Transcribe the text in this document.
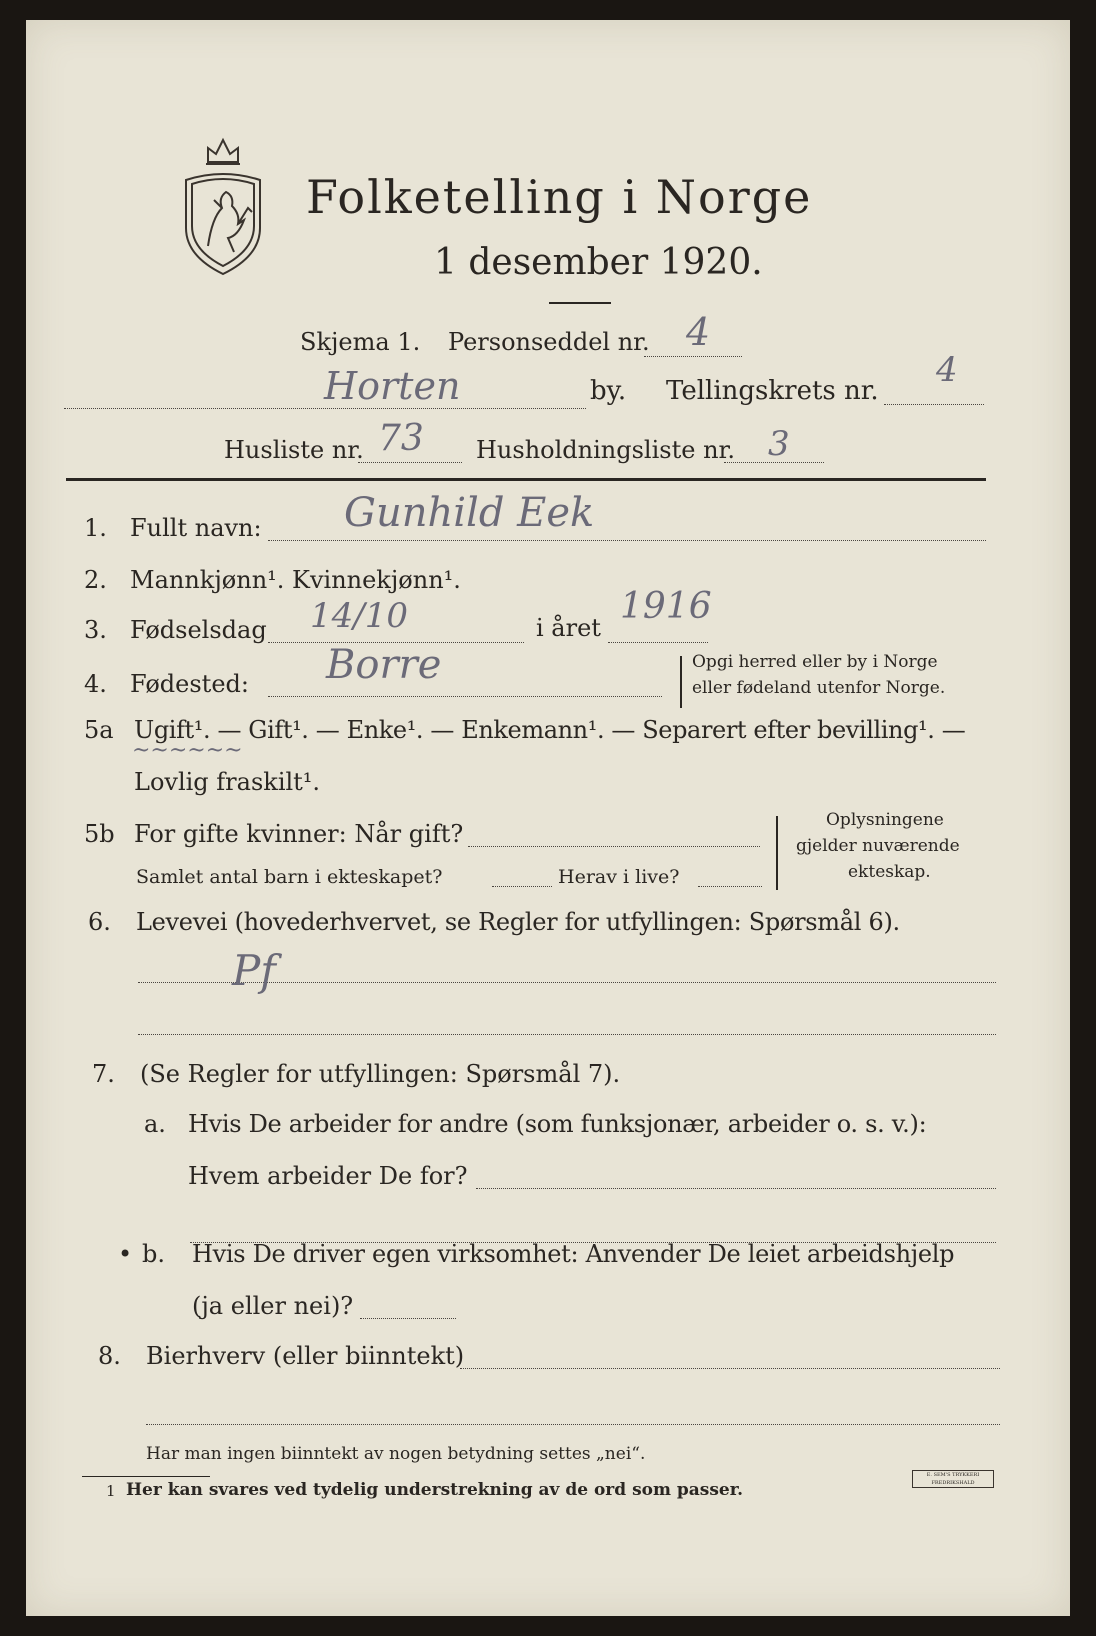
Folketelling i Norge
1 desember 1920.
Skjema 1. Personseddel nr. 4
Horten	by. Tellingskrets nr.
4
Husliste nr. 73 Husholdningsliste nr. 3
1. Fullt navn: Gunhild Eek
2. Mannkjønn¹. Kvinnekjønn¹.
3. Fødselsdag 14/10	i året
1916
4. Fødested: Borre	Opgi herred eller by i Norge
eller fødeland utenfor Norge.
5a Ugift¹. — Gift¹. — Enke¹. — Enkemann¹. — Separert efter bevilling¹. —
~~~~~~
Lovlig fraskilt¹.
5b For gifte kvinner: Når gift?
Samlet antal barn i ekteskapet?	Herav i live?
Oplysningene
gjelder nuværende
ekteskap.
6. Levevei (hovederhvervet, se Regler for utfyllingen: Spørsmål 6).
Pf
7. (Se Regler for utfyllingen: Spørsmål 7).
a. Hvis De arbeider for andre (som funksjonær, arbeider o. s. v.):
Hvem arbeider De for?
• b. Hvis De driver egen virksomhet: Anvender De leiet arbeidshjelp
(ja eller nei)?
8. Bierhverv (eller biinntekt)
Har man ingen biinntekt av nogen betydning settes „nei“.
1 Her kan svares ved tydelig understrekning av de ord som passer.
E. SEM'S TRYKKERI FREDRIKSHALD
